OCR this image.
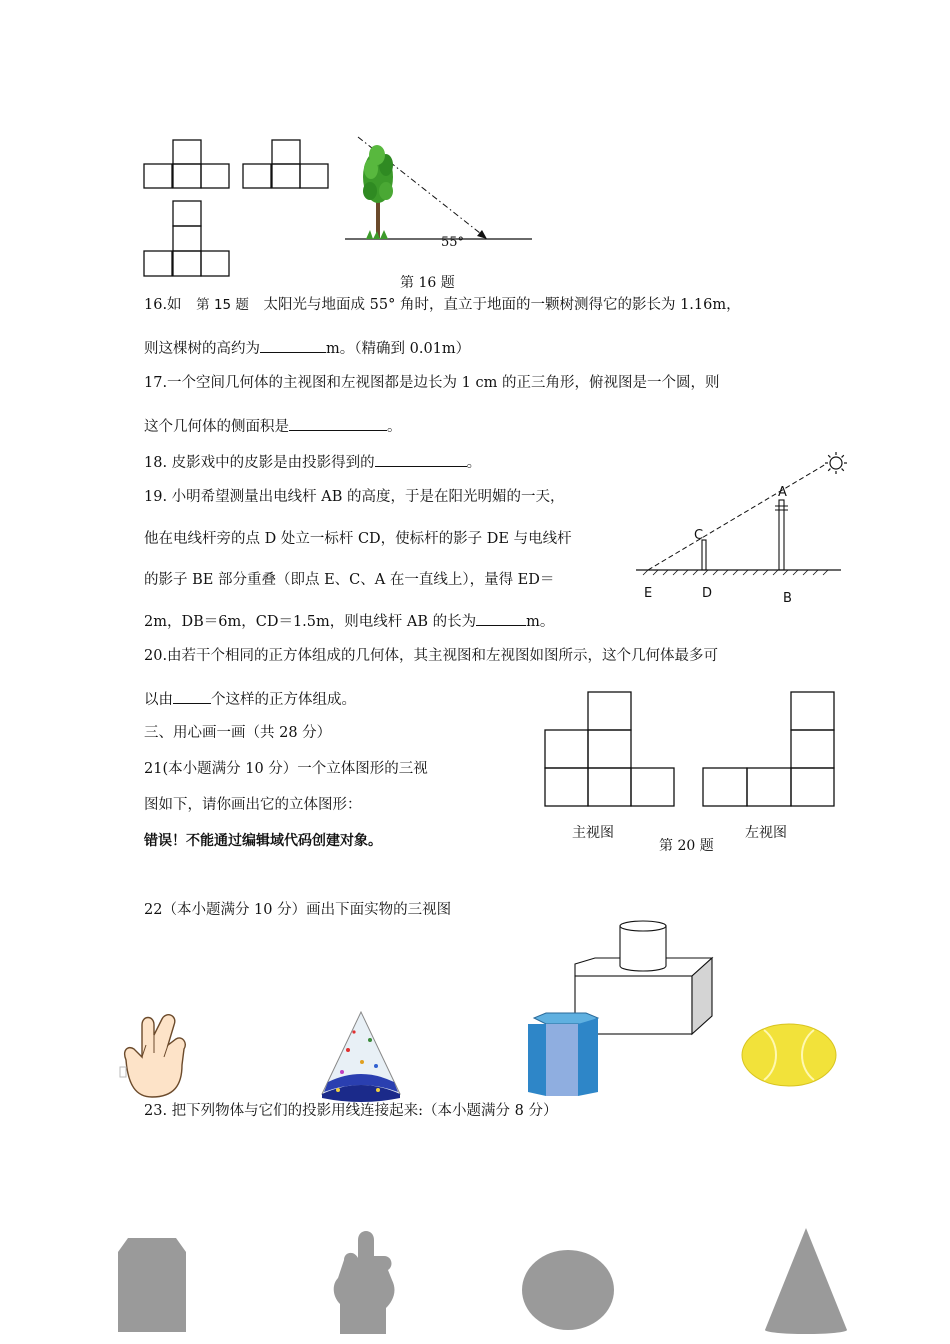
55°
第 16 题
16.如 第 15 题 太阳光与地面成 55° 角时，直立于地面的一颗树测得它的影长为 1.16m，
则这棵树的高约为	m。（精确到 0.01m）
17.一个空间几何体的主视图和左视图都是边长为 1 cm 的正三角形，俯视图是一个圆，则
这个几何体的侧面积是	。
18. 皮影戏中的皮影是由投影得到的	。
19. 小明希望测量出电线杆 AB 的高度，于是在阳光明媚的一天，
他在电线杆旁的点 D 处立一标杆 CD，使标杆的影子 DE 与电线杆
的影子 BE 部分重叠（即点 E、C、A 在一直线上），量得 ED＝
2m，DB＝6m，CD＝1.5m，则电线杆 AB 的长为	m。
A
C
E	D	B
20.由若干个相同的正方体组成的几何体，其主视图和左视图如图所示，这个几何体最多可
以由	个这样的正方体组成。
主视图	左视图
第 20 题
三、用心画一画（共 28 分）
21(本小题满分 10 分）一个立体图形的三视
图如下，请你画出它的立体图形：
错误！不能通过编辑域代码创建对象。
22（本小题满分 10 分）画出下面实物的三视图
23. 把下列物体与它们的投影用线连接起来:（本小题满分 8 分）
